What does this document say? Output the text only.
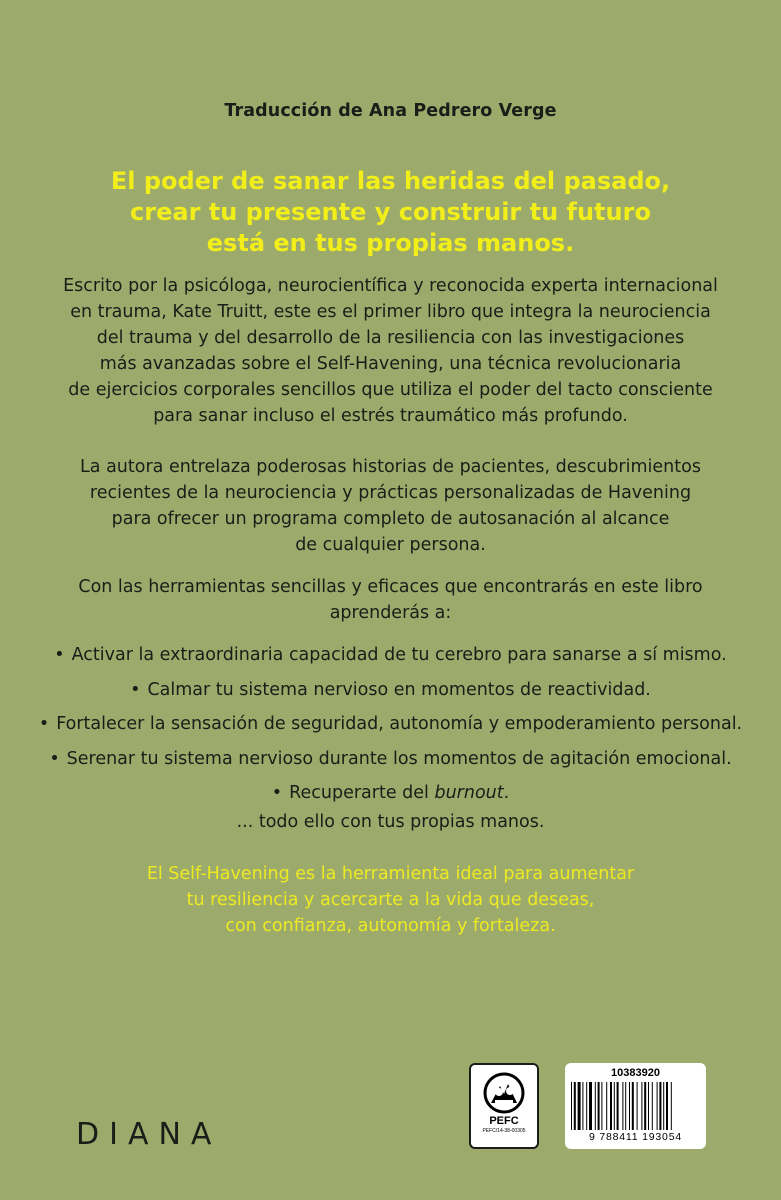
Traducción de Ana Pedrero Verge
El poder de sanar las heridas del pasado,
crear tu presente y construir tu futuro
está en tus propias manos.
Escrito por la psicóloga, neurocientífica y reconocida experta internacional
en trauma, Kate Truitt, este es el primer libro que integra la neurociencia
del trauma y del desarrollo de la resiliencia con las investigaciones
más avanzadas sobre el Self-Havening, una técnica revolucionaria
de ejercicios corporales sencillos que utiliza el poder del tacto consciente
para sanar incluso el estrés traumático más profundo.
La autora entrelaza poderosas historias de pacientes, descubrimientos
recientes de la neurociencia y prácticas personalizadas de Havening
para ofrecer un programa completo de autosanación al alcance
de cualquier persona.
Con las herramientas sencillas y eficaces que encontrarás en este libro
aprenderás a:
• Activar la extraordinaria capacidad de tu cerebro para sanarse a sí mismo.
• Calmar tu sistema nervioso en momentos de reactividad.
• Fortalecer la sensación de seguridad, autonomía y empoderamiento personal.
• Serenar tu sistema nervioso durante los momentos de agitación emocional.
• Recuperarte del burnout.
... todo ello con tus propias manos.
El Self-Havening es la herramienta ideal para aumentar
tu resiliencia y acercarte a la vida que deseas,
con confianza, autonomía y fortaleza.
DIANA	PEFC
PEFC/14-38-00305
10383920
9 788411 193054
